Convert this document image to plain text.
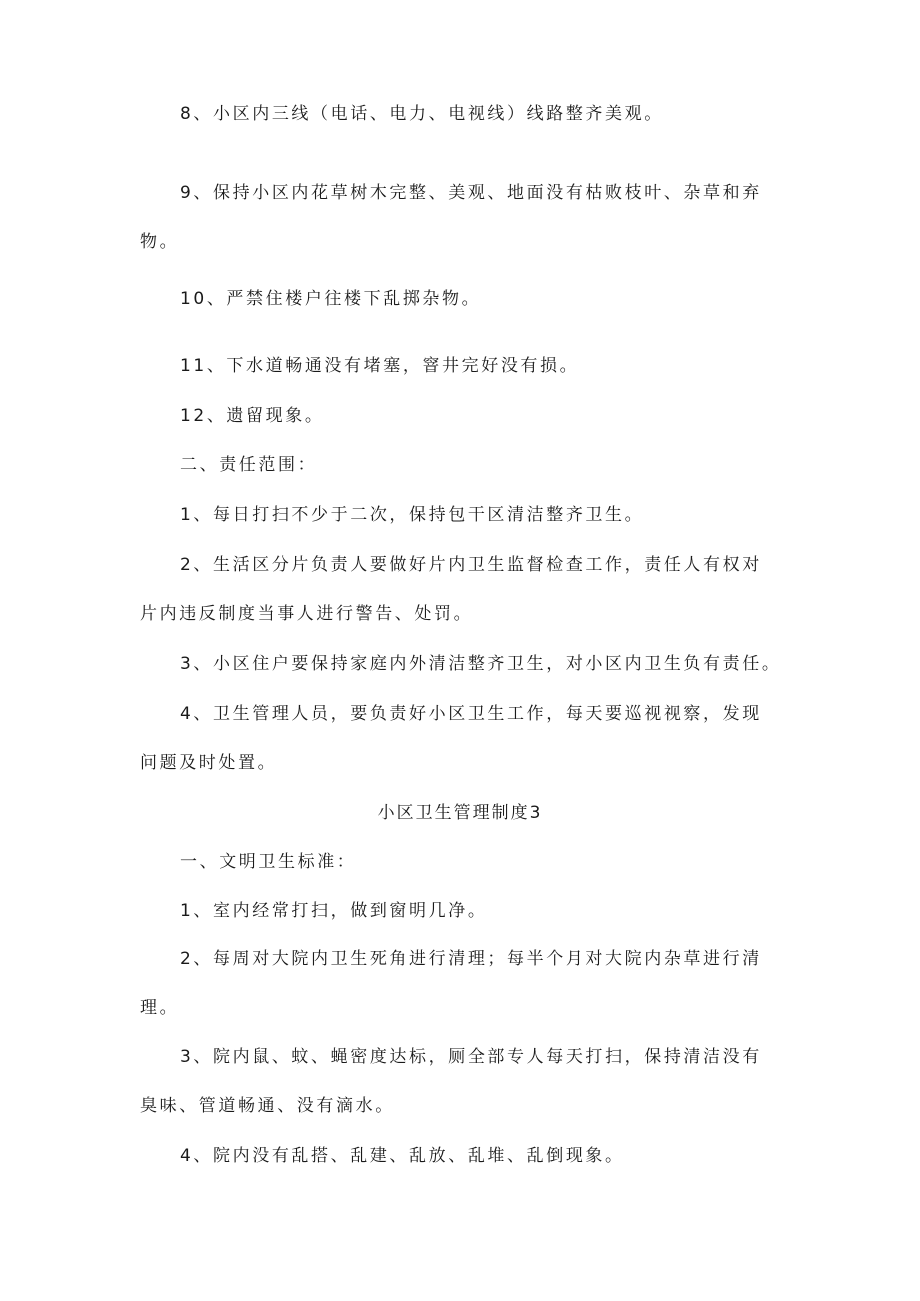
8、小区内三线（电话、电力、电视线）线路整齐美观。
9、保持小区内花草树木完整、美观、地面没有枯败枝叶、杂草和弃
物。
10、严禁住楼户往楼下乱掷杂物。
11、下水道畅通没有堵塞，窨井完好没有损。
12、遗留现象。
二、责任范围：
1、每日打扫不少于二次，保持包干区清洁整齐卫生。
2、生活区分片负责人要做好片内卫生监督检查工作，责任人有权对
片内违反制度当事人进行警告、处罚。
3、小区住户要保持家庭内外清洁整齐卫生，对小区内卫生负有责任。
4、卫生管理人员，要负责好小区卫生工作，每天要巡视视察，发现
问题及时处置。
小区卫生管理制度3
一、文明卫生标准：
1、室内经常打扫，做到窗明几净。
2、每周对大院内卫生死角进行清理；每半个月对大院内杂草进行清
理。
3、院内鼠、蚊、蝇密度达标，厕全部专人每天打扫，保持清洁没有
臭味、管道畅通、没有滴水。
4、院内没有乱搭、乱建、乱放、乱堆、乱倒现象。
